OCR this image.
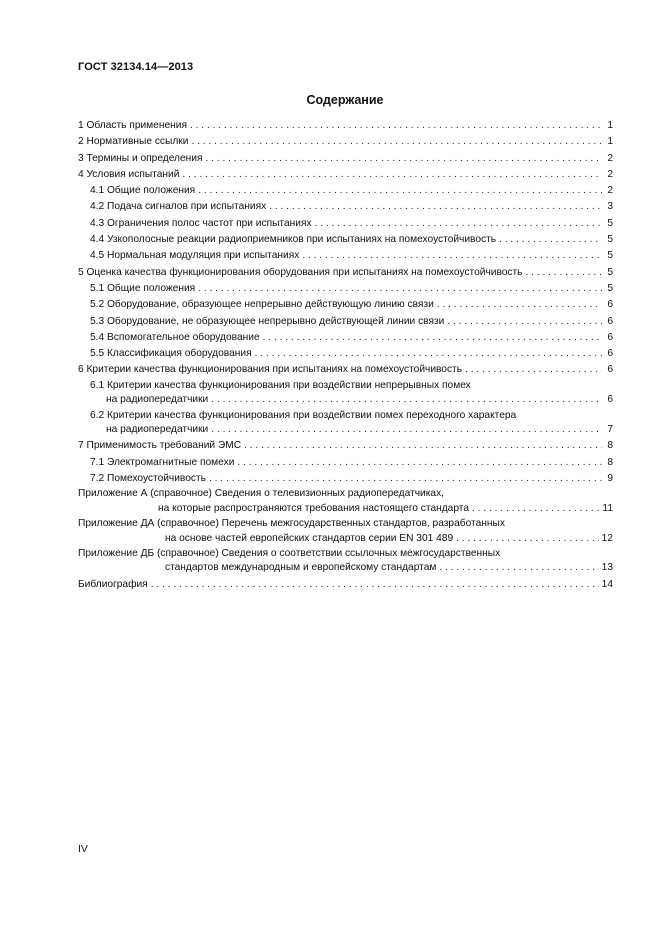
ГОСТ 32134.14—2013
Содержание
1 Область применения . . .	1
2 Нормативные ссылки . . .	1
3 Термины и определения . . .	2
4 Условия испытаний . . .	2
4.1 Общие положения . . .	2
4.2 Подача сигналов при испытаниях . . .	3
4.3 Ограничения полос частот при испытаниях . . .	5
4.4 Узкополосные реакции радиоприемников при испытаниях на помехоустойчивость . . .	5
4.5 Нормальная модуляция при испытаниях . . .	5
5 Оценка качества функционирования оборудования при испытаниях на помехоустойчивость . . .	5
5.1 Общие положения . . .	5
5.2 Оборудование, образующее непрерывно действующую линию связи . . .	6
5.3 Оборудование, не образующее непрерывно действующей линии связи . . .	6
5.4 Вспомогательное оборудование . . .	6
5.5 Классификация оборудования . . .	6
6 Критерии качества функционирования при испытаниях на помехоустойчивость . . .	6
6.1 Критерии качества функционирования при воздействии непрерывных помех
на радиопередатчики . . .	6
6.2 Критерии качества функционирования при воздействии помех переходного характера
на радиопередатчики . . .	7
7 Применимость требований ЭМС . . .	8
7.1 Электромагнитные помехи . . .	8
7.2 Помехоустойчивость . . .	9
Приложение А (справочное) Сведения о телевизионных радиопередатчиках,
на которые распространяются требования настоящего стандарта . . .	11
Приложение ДА (справочное) Перечень межгосударственных стандартов, разработанных
на основе частей европейских стандартов серии EN 301 489 . . .	12
Приложение ДБ (справочное) Сведения о соответствии ссылочных межгосударственных
стандартов международным и европейскому стандартам . . .	13
Библиография . . .	14
IV
